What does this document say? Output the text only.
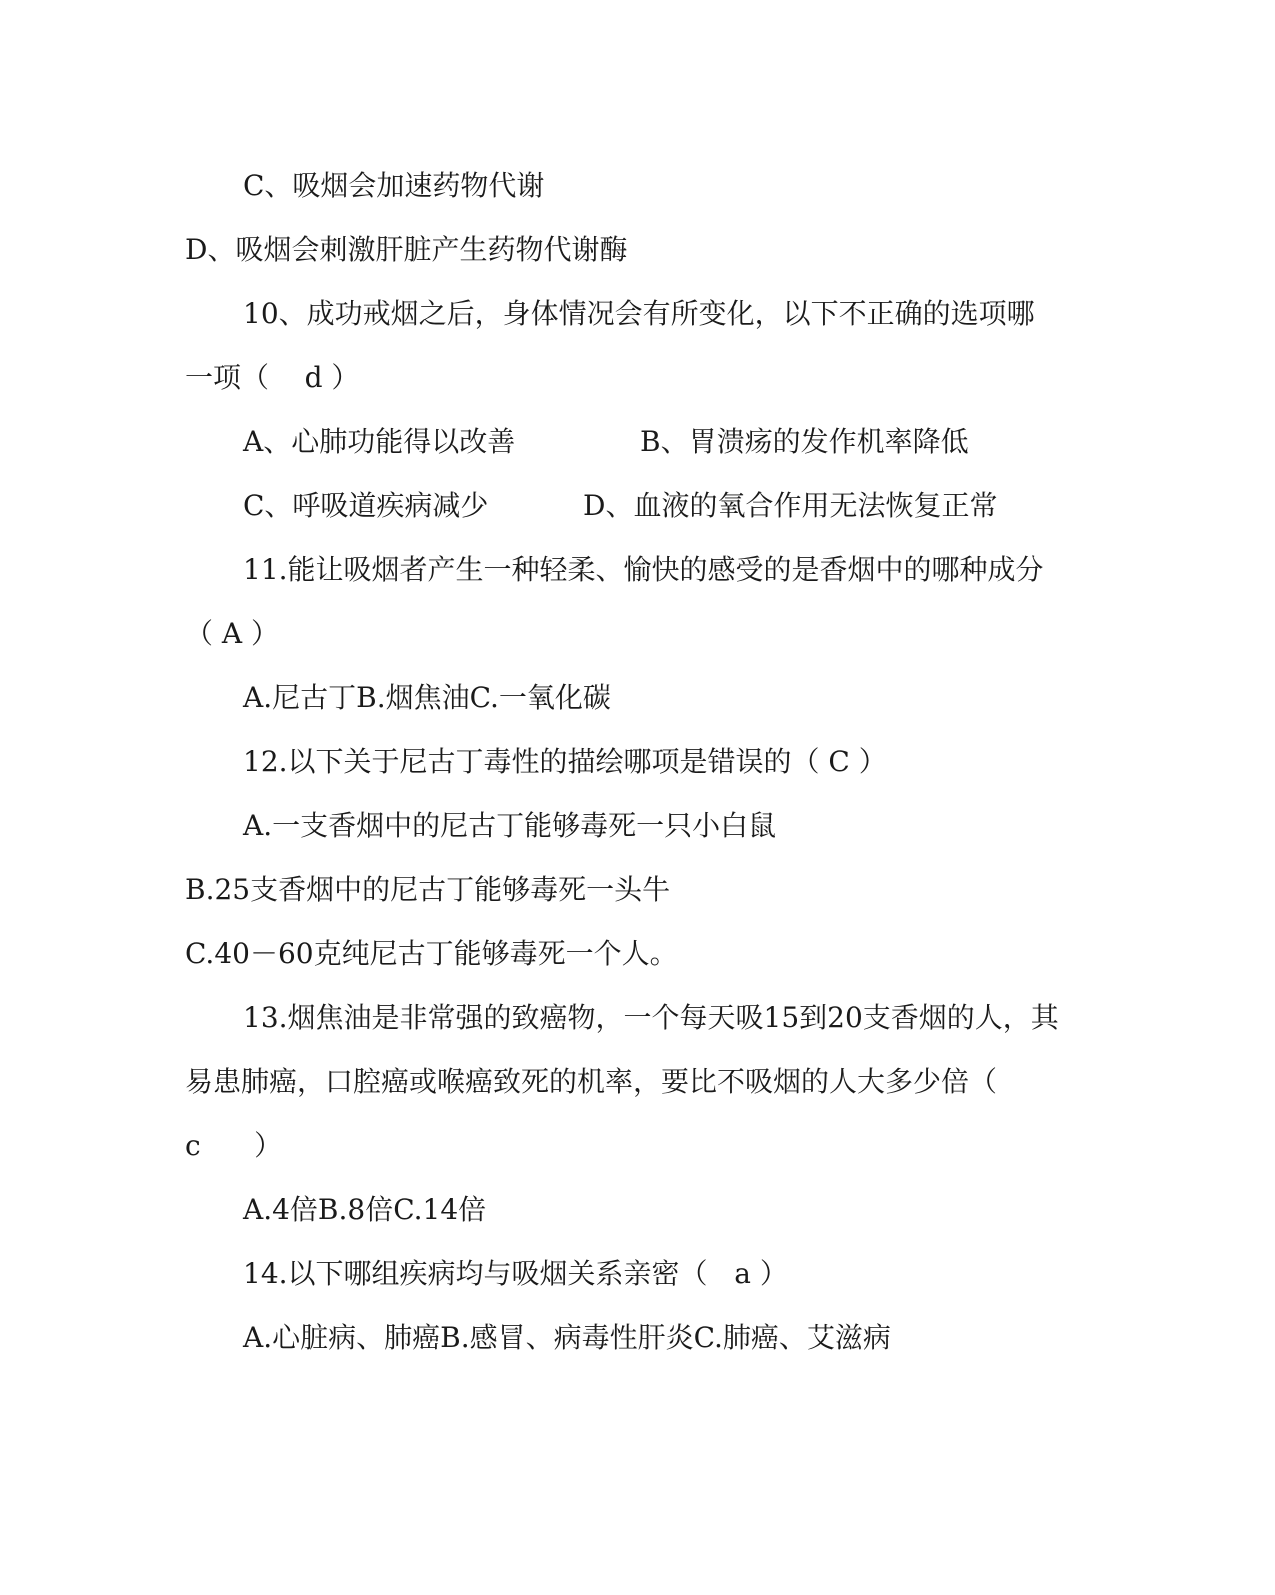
C、吸烟会加速药物代谢
D、吸烟会刺激肝脏产生药物代谢酶
10、成功戒烟之后，身体情况会有所变化，以下不正确的选项哪
一项（    d ）
A、心肺功能得以改善	B、胃溃疡的发作机率降低
C、呼吸道疾病减少	D、血液的氧合作用无法恢复正常
11.能让吸烟者产生一种轻柔、愉快的感受的是香烟中的哪种成分
（ A ）
A.尼古丁B.烟焦油C.一氧化碳
12.以下关于尼古丁毒性的描绘哪项是错误的（ C ）
A.一支香烟中的尼古丁能够毒死一只小白鼠
B.25支香烟中的尼古丁能够毒死一头牛
C.40－60克纯尼古丁能够毒死一个人。
13.烟焦油是非常强的致癌物，一个每天吸15到20支香烟的人，其
易患肺癌，口腔癌或喉癌致死的机率，要比不吸烟的人大多少倍（
c      ）
A.4倍B.8倍C.14倍
14.以下哪组疾病均与吸烟关系亲密（   a ）
A.心脏病、肺癌B.感冒、病毒性肝炎C.肺癌、艾滋病
